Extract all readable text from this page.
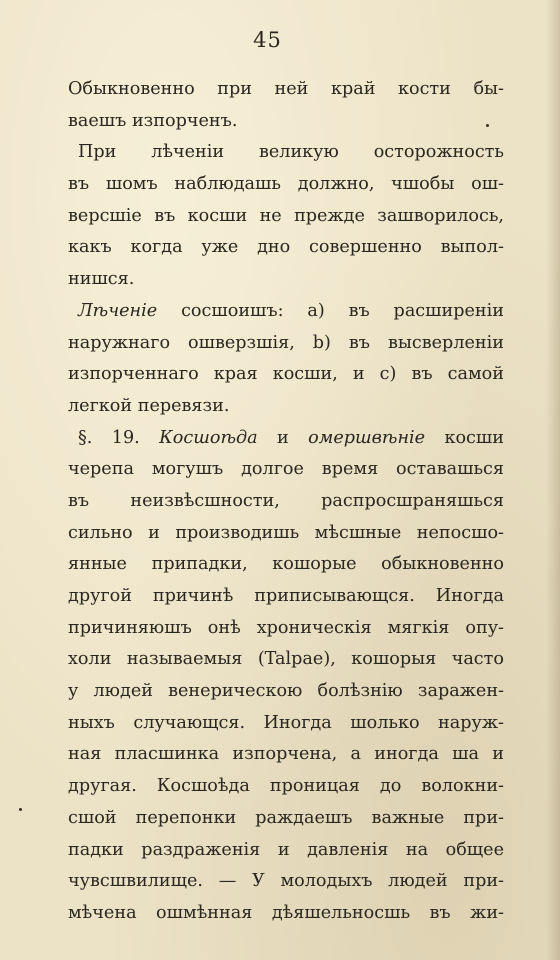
45
Обыкновенно при ней край кости бы-
ваешъ изпорченъ.
При лѣченіи великую осторожность
въ шомъ наблюдашь должно, чшобы ош-
версшіе въ косши не прежде зашворилось,
какъ когда уже дно совершенно выпол-
нишся.
Лѣченіе сосшоишъ: а) въ расширеніи
наружнаго ошверзшія, b) въ высверленіи
изпорченнаго края косши, и с) въ самой
легкой перевязи.
§. 19. Косшоѣда и омершвѣніе косши
черепа могушъ долгое время оставашься
въ неизвѣсшности, распросшраняшься
сильно и производишь мѣсшные непосшо-
янные припадки, кошорые обыкновенно
другой причинѣ приписывающся. Иногда
причиняюшъ онѣ хроническія мягкія опу-
холи называемыя (Talpae), кошорыя часто
у людей венерическою болѣзнію заражен-
ныхъ случающся. Иногда шолько наруж-
ная пласшинка изпорчена, а иногда ша и
другая. Косшоѣда проницая до волокни-
сшой перепонки раждаешъ важные при-
падки раздраженія и давленія на общее
чувсшвилище. — У молодыхъ людей при-
мѣчена ошмѣнная дѣяшельносшь въ жи-
